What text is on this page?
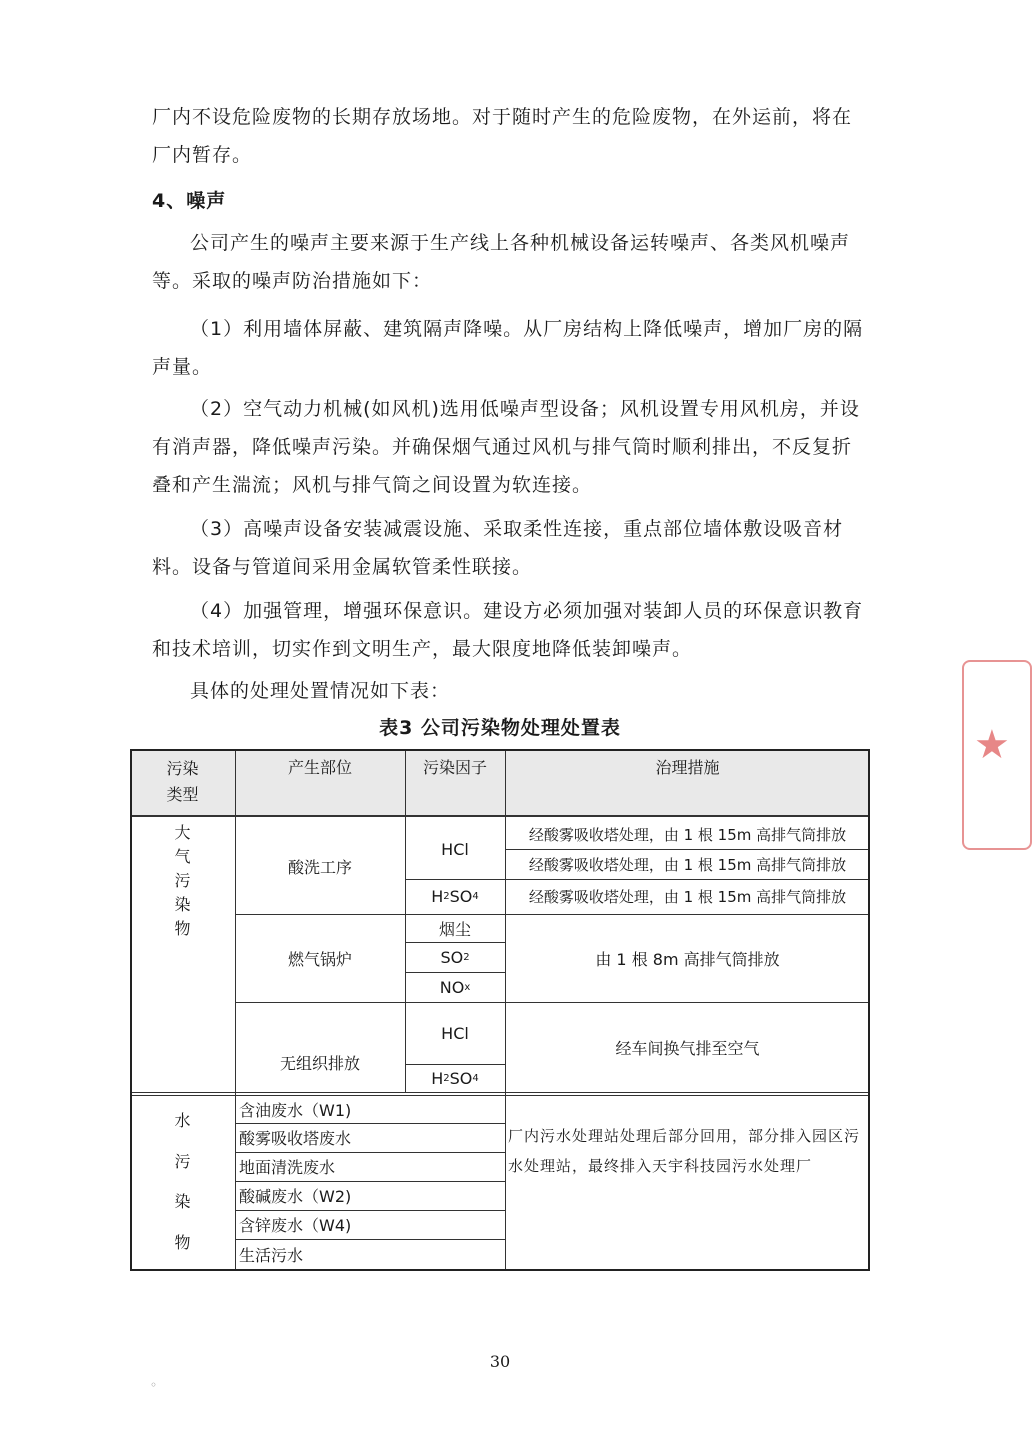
厂内不设危险废物的长期存放场地。对于随时产生的危险废物，在外运前，将在厂内暂存。

4、噪声

公司产生的噪声主要来源于生产线上各种机械设备运转噪声、各类风机噪声等。采取的噪声防治措施如下：

（1）利用墙体屏蔽、建筑隔声降噪。从厂房结构上降低噪声，增加厂房的隔声量。

（2）空气动力机械(如风机)选用低噪声型设备；风机设置专用风机房，并设有消声器，降低噪声污染。并确保烟气通过风机与排气筒时顺利排出，不反复折叠和产生湍流；风机与排气筒之间设置为软连接。

（3）高噪声设备安装减震设施、采取柔性连接，重点部位墙体敷设吸音材料。设备与管道间采用金属软管柔性联接。

（4）加强管理，增强环保意识。建设方必须加强对装卸人员的环保意识教育和技术培训，切实作到文明生产，最大限度地降低装卸噪声。

具体的处理处置情况如下表：

表3 公司污染物处理处置表
污染
类型
产生部位	污染因子	治理措施
大
气
污
染
物
酸洗工序
HCl
H 2 SO 4
经酸雾吸收塔处理，由 1 根 15m 高排气筒排放
经酸雾吸收塔处理，由 1 根 15m 高排气筒排放
经酸雾吸收塔处理，由 1 根 15m 高排气筒排放
燃气锅炉
烟尘
SO 2
NO x
由 1 根 8m 高排气筒排放
无组织排放
HCl
H 2 SO 4
经车间换气排至空气
水
污
染
物
含油废水（W1)
酸雾吸收塔废水
地面清洗废水
酸碱废水（W2)
含锌废水（W4)
生活污水
厂内污水处理站处理后部分回用，部分排入园区污水处理站，最终排入天宇科技园污水处理厂
30
★
◦
